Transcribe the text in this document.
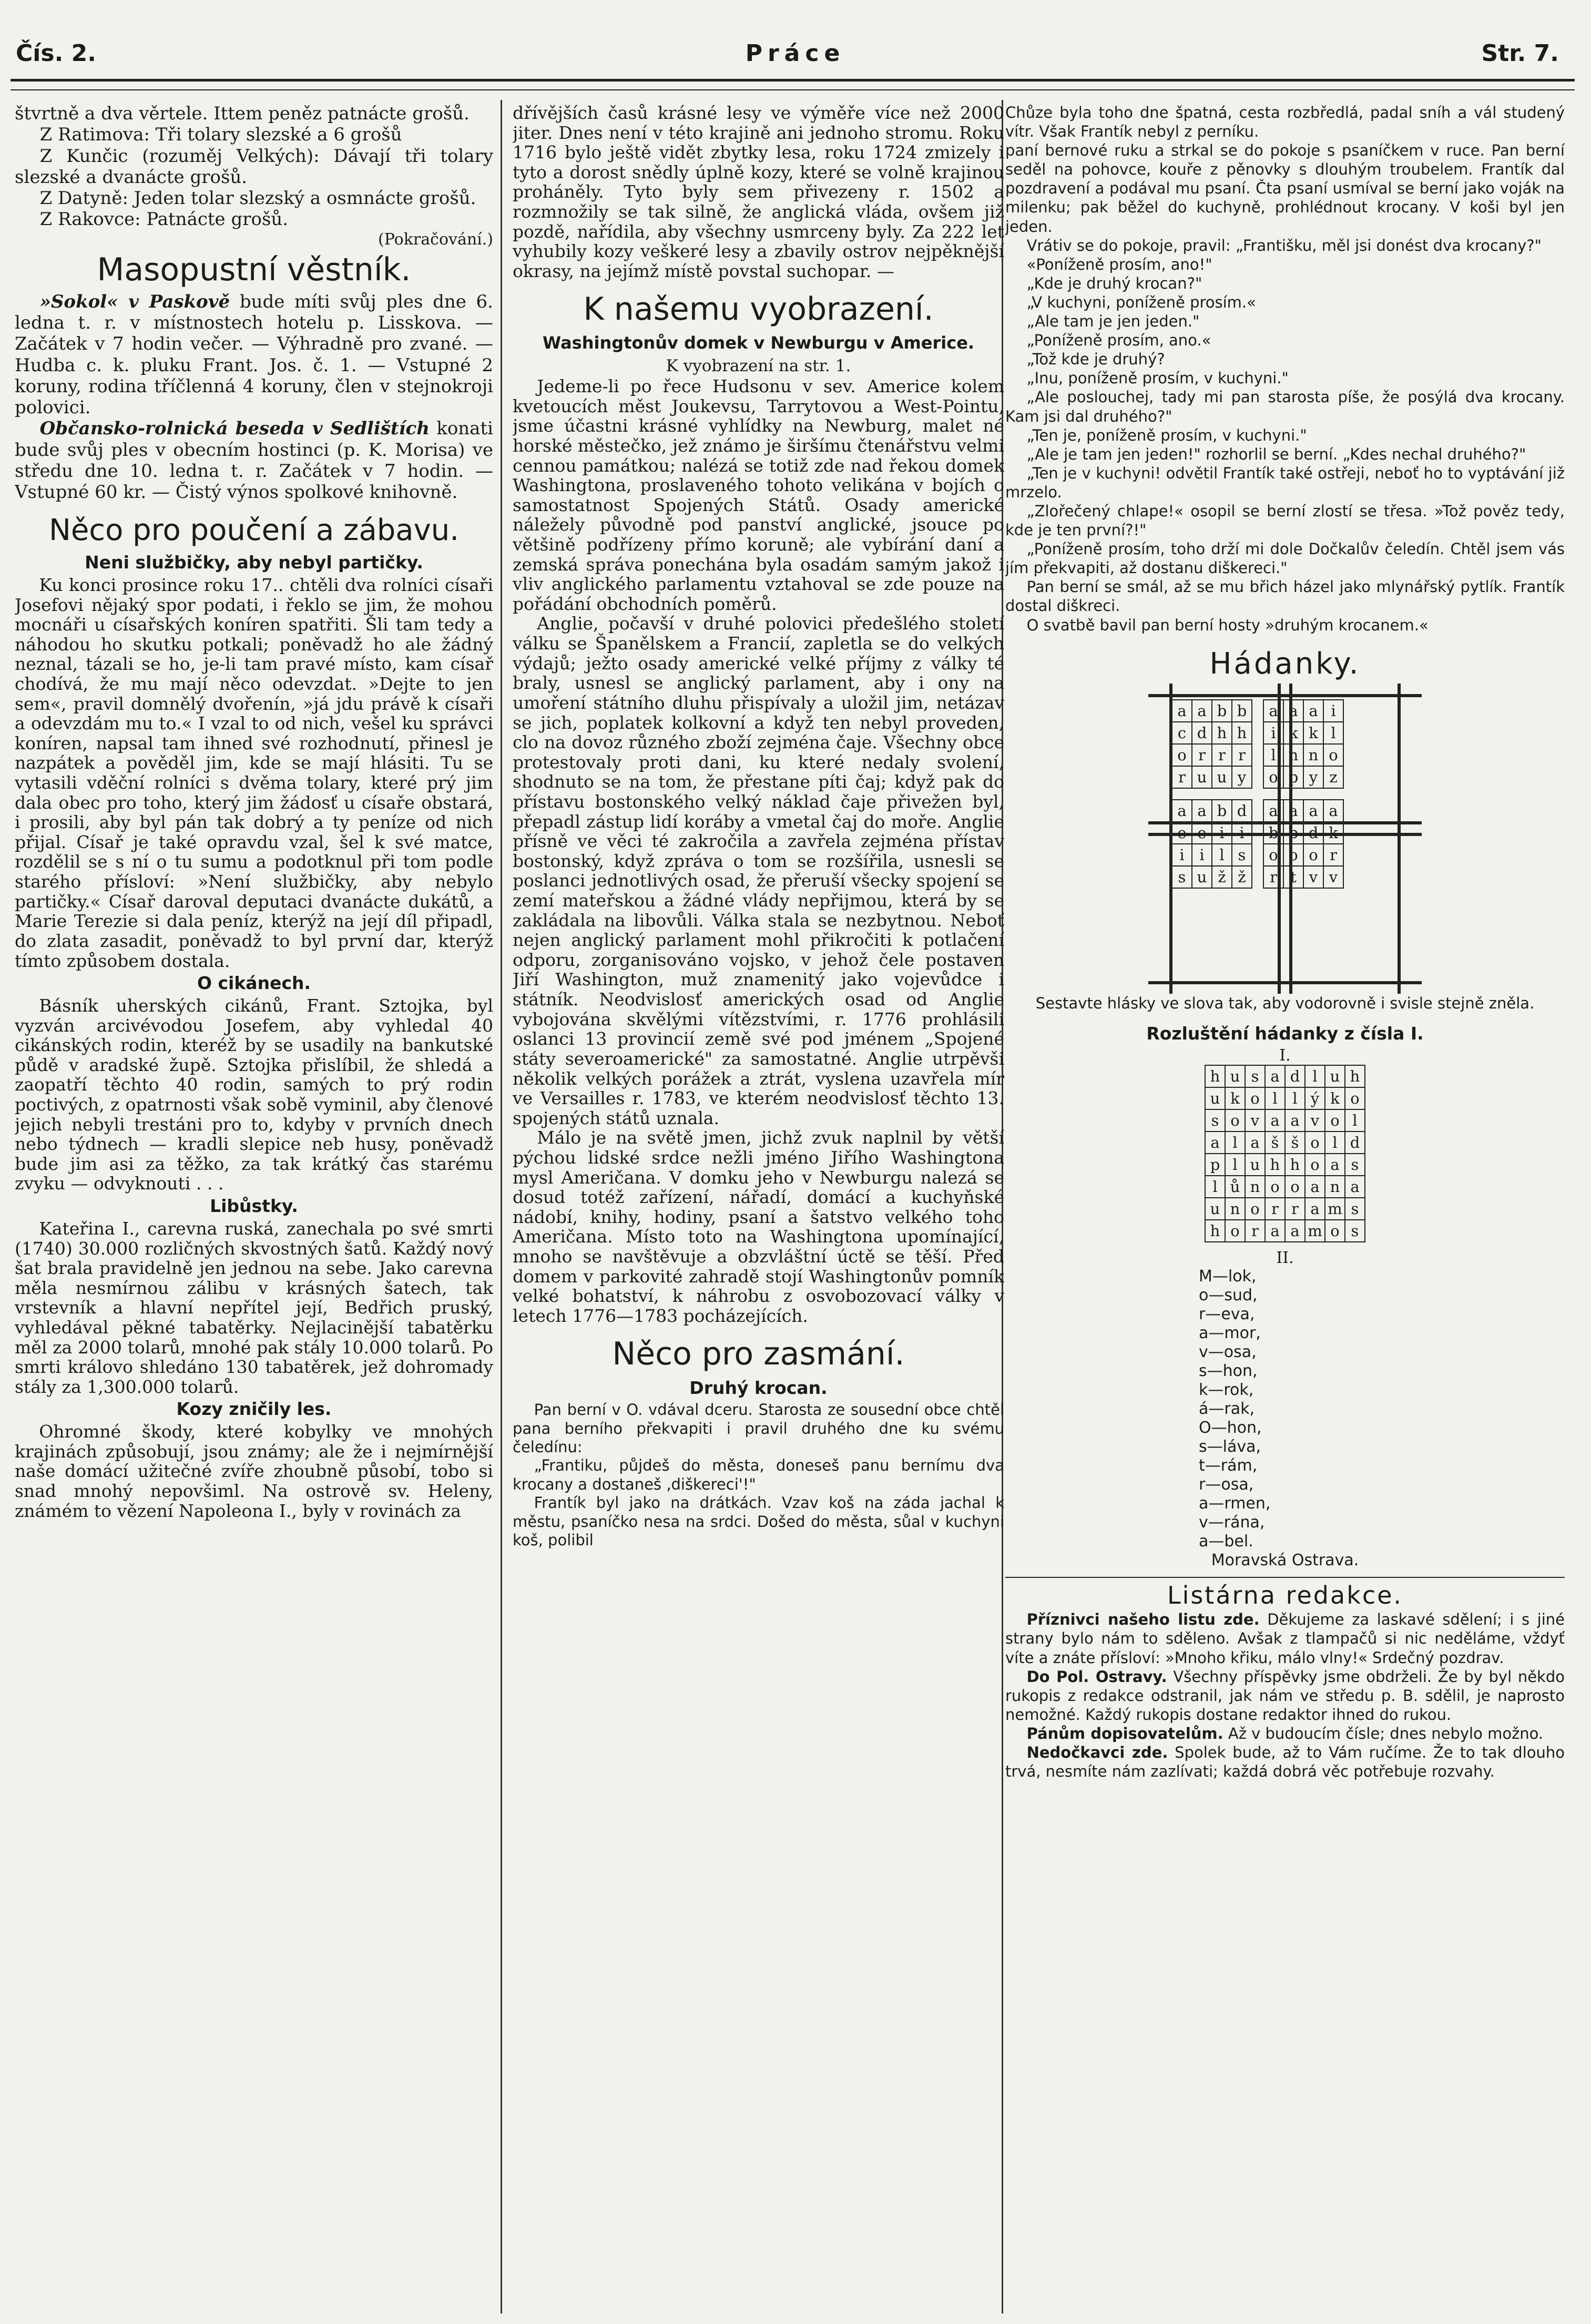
Čís. 2.	Práce	Str. 7.

štvrtně a dva věrtele. Ittem peněz patnácte grošů.

Z Ratimova: Tři tolary slezské a 6 grošů

Z Kunčic (rozuměj Velkých): Dávají tři tolary slezské a dvanácte grošů.

Z Datyně: Jeden tolar slezský a osmnácte grošů.

Z Rakovce: Patnácte grošů.

(Pokračování.)

Masopustní věstník.

»Sokol« v Paskově bude míti svůj ples dne 6. ledna t. r. v místnostech hotelu p. Lisskova. — Začátek v 7 hodin večer. — Výhradně pro zvané. — Hudba c. k. pluku Frant. Jos. č. 1. — Vstupné 2 koruny, rodina tříčlenná 4 koruny, člen v stejnokroji polovici.

Občansko-rolnická beseda v Sedlištích konati bude svůj ples v obecním hostinci (p. K. Morisa) ve středu dne 10. ledna t. r. Začátek v 7 hodin. — Vstupné 60 kr. — Čistý výnos spolkové knihovně.

Něco pro poučení a zábavu.

Neni službičky, aby nebyl partičky.

Ku konci prosince roku 17.. chtěli dva rolníci císaři Josefovi nějaký spor podati, i řeklo se jim, že mohou mocnáři u císařských koníren spatřiti. Šli tam tedy a náhodou ho skutku potkali; poněvadž ho ale žádný neznal, tázali se ho, je-li tam pravé místo, kam císař chodívá, že mu mají něco odevzdat. »Dejte to jen sem«, pravil domnělý dvořenín, »já jdu právě k císaři a odevzdám mu to.« I vzal to od nich, vešel ku správci koníren, napsal tam ihned své rozhodnutí, přinesl je nazpátek a pověděl jim, kde se mají hlásiti. Tu se vytasili vděční rolníci s dvěma tolary, které prý jim dala obec pro toho, který jim žádosť u císaře obstará, i prosili, aby byl pán tak dobrý a ty peníze od nich přijal. Císař je také opravdu vzal, šel k své matce, rozdělil se s ní o tu sumu a podotknul při tom podle starého přísloví: »Není službičky, aby nebylo partičky.« Císař daroval deputaci dvanácte dukátů, a Marie Terezie si dala peníz, kterýž na její díl připadl, do zlata zasadit, poněvadž to byl první dar, kterýž tímto způsobem dostala.

O cikánech.

Básník uherských cikánů, Frant. Sztojka, byl vyzván arcivévodou Josefem, aby vyhledal 40 cikánských rodin, kteréž by se usadily na bankutské půdě v aradské župě. Sztojka přislíbil, že shledá a zaopatří těchto 40 rodin, samých to prý rodin poctivých, z opatrnosti však sobě vyminil, aby členové jejich nebyli trestáni pro to, kdyby v prvních dnech nebo týdnech — kradli slepice neb husy, poněvadž bude jim asi za těžko, za tak krátký čas starému zvyku — odvyknouti . . .

Libůstky.

Kateřina I., carevna ruská, zanechala po své smrti (1740) 30.000 rozličných skvostných šatů. Každý nový šat brala pravidelně jen jednou na sebe. Jako carevna měla nesmírnou zálibu v krásných šatech, tak vrstevník a hlavní nepřítel její, Bedřich pruský, vyhledával pěkné tabatěrky. Nejlacinější tabatěrku měl za 2000 tolarů, mnohé pak stály 10.000 tolarů. Po smrti královo shledáno 130 tabatěrek, jež dohromady stály za 1,300.000 tolarů.

Kozy zničily les.

Ohromné škody, které kobylky ve mnohých krajinách způsobují, jsou známy; ale že i nejmírnější naše domácí užitečné zvíře zhoubně působí, tobo si snad mnohý nepovšiml. Na ostrově sv. Heleny, známém to vězení Napoleona I., byly v rovinách za

dřívějších časů krásné lesy ve výměře více než 2000 jiter. Dnes není v této krajině ani jednoho stromu. Roku 1716 bylo ještě vidět zbytky lesa, roku 1724 zmizely i tyto a dorost snědly úplně kozy, které se volně krajinou proháněly. Tyto byly sem přivezeny r. 1502 a rozmnožily se tak silně, že anglická vláda, ovšem již pozdě, nařídila, aby všechny usmrceny byly. Za 222 let vyhubily kozy veškeré lesy a zbavily ostrov nejpěknější okrasy, na jejímž místě povstal suchopar. —

K našemu vyobrazení.

Washingtonův domek v Newburgu v Americe.

K vyobrazení na str. 1.

Jedeme-li po řece Hudsonu v sev. Americe kolem kvetoucích měst Joukevsu, Tarrytovou a West-Pointu, jsme účastni krásné vyhlídky na Newburg, malet né horské městečko, jež známo je širšímu čtenářstvu velmi cennou památkou; nalézá se totiž zde nad řekou domek Washingtona, proslaveného tohoto velikána v bojích o samostatnost Spojených Států. Osady americké náležely původně pod panství anglické, jsouce po většině podřízeny přímo koruně; ale vybírání daní a zemská správa ponechána byla osadám samým jakož i vliv anglického parlamentu vztahoval se zde pouze na pořádání obchodních poměrů.

Anglie, počavší v druhé polovici předešlého století válku se Španělskem a Francií, zapletla se do velkých výdajů; ježto osady americké velké příjmy z války té braly, usnesl se anglický parlament, aby i ony na umoření státního dluhu přispívaly a uložil jim, netázav se jich, poplatek kolkovní a když ten nebyl proveden, clo na dovoz různého zboží zejména čaje. Všechny obce protestovaly proti dani, ku které nedaly svolení, shodnuto se na tom, že přestane píti čaj; když pak do přístavu bostonského velký náklad čaje přivežen byl, přepadl zástup lidí koráby a vmetal čaj do moře. Anglie přísně ve věci té zakročila a zavřela zejména přístav bostonský, když zpráva o tom se rozšířila, usnesli se poslanci jednotlivých osad, že přeruší všecky spojení se zemí mateřskou a žádné vlády nepřijmou, která by se zakládala na libovůli. Válka stala se nezbytnou. Neboť nejen anglický parlament mohl přikročiti k potlačení odporu, zorganisováno vojsko, v jehož čele postaven Jiří Washington, muž znamenitý jako vojevůdce i státník. Neodvislosť amerických osad od Anglie vybojována skvělými vítězstvími, r. 1776 prohlásili oslanci 13 provincií země své pod jménem „Spojené státy severoamerické" za samostatné. Anglie utrpěvši několik velkých porážek a ztrát, vyslena uzavřela mír ve Versailles r. 1783, ve kterém neodvislosť těchto 13. spojených států uznala.

Málo je na světě jmen, jichž zvuk naplnil by větší pýchou lidské srdce nežli jméno Jiřího Washingtona mysl Američana. V domku jeho v Newburgu nalezá se dosud totéž zařízení, nářadí, domácí a kuchyňské nádobí, knihy, hodiny, psaní a šatstvo velkého toho Američana. Místo toto na Washingtona upomínající, mnoho se navštěvuje a obzvláštní úctě se těší. Před domem v parkovité zahradě stojí Washingtonův pomník velké bohatství, k náhrobu z osvobozovací války v letech 1776—1783 pocházejících.

Něco pro zasmání.

Druhý krocan.

Pan berní v O. vdával dceru. Starosta ze sousední obce chtěl pana berního překvapiti i pravil druhého dne ku svému čeledínu:

„Frantiku, půjdeš do města, doneseš panu bernímu dva krocany a dostaneš ‚diškereci'!"

Frantík byl jako na drátkách. Vzav koš na záda jachal k městu, psaníčko nesa na srdci. Došed do města, sůal v kuchyni koš, polibil

Chůze byla toho dne špatná, cesta rozbředlá, padal sníh a vál studený vítr. Však Frantík nebyl z perníku.

paní bernové ruku a strkal se do pokoje s psaníčkem v ruce. Pan berní seděl na pohovce, kouře z pěnovky s dlouhým troubelem. Frantík dal pozdravení a podával mu psaní. Čta psaní usmíval se berní jako voják na milenku; pak běžel do kuchyně, prohlédnout krocany. V koši byl jen jeden.

Vrátiv se do pokoje, pravil: „Františku, měl jsi donést dva krocany?"

«Poníženě prosím, ano!"

„Kde je druhý krocan?"

„V kuchyni, poníženě prosím.«

„Ale tam je jen jeden."

„Poníženě prosím, ano.«

„Tož kde je druhý?

„Inu, poníženě prosím, v kuchyni."

„Ale poslouchej, tady mi pan starosta píše, že posýlá dva krocany. Kam jsi dal druhého?"

„Ten je, poníženě prosím, v kuchyni."

„Ale je tam jen jeden!" rozhorlil se berní. „Kdes nechal druhého?"

„Ten je v kuchyni! odvětil Frantík také ostřeji, neboť ho to vyptávání již mrzelo.

„Zlořečený chlape!« osopil se berní zlostí se třesa. »Tož pověz tedy, kde je ten první?!"

„Poníženě prosím, toho drží mi dole Dočkalův čeledín. Chtěl jsem vás jím překvapiti, až dostanu diškereci."

Pan berní se smál, až se mu břich házel jako mlynářský pytlík. Frantík dostal diškreci.

O svatbě bavil pan berní hosty »druhým krocanem.«

Hádanky.

a	a	b	b		a	a	a	i
c	d	h	h		i	k	k	l
o	r	r	r		l	n	n	o
r	u	u	y		o	p	y	z

a	a	b	d		a	a	a	a
e	e	i	i		b	b	d	k
i	i	l	s		o	o	o	r
s	u	ž	ž		r	t	v	v

Sestavte hlásky ve slova tak, aby vodorovně i svisle stejně zněla.

Rozluštění hádanky z čísla I.

I.

h	u	s	a	d	l	u	h
u	k	o	l	l	ý	k	o
s	o	v	a	a	v	o	l
a	l	a	š	š	o	l	d
p	l	u	h	h	o	a	s
l	ů	n	o	o	a	n	a
u	n	o	r	r	a	m	s
h	o	r	a	a	m	o	s

II.

M—lok,

o—sud,

r—eva,

a—mor,

v—osa,

s—hon,

k—rok,

á—rak,

O—hon,

s—láva,

t—rám,

r—osa,

a—rmen,

v—rána,

a—bel.

Moravská Ostrava.

Listárna redakce.

Příznivci našeho listu zde. Děkujeme za laskavé sdělení; i s jiné strany bylo nám to sděleno. Avšak z tlampačů si nic neděláme, vždyť víte a znáte přísloví: »Mnoho křiku, málo vlny!« Srdečný pozdrav.

Do Pol. Ostravy. Všechny příspěvky jsme obdrželi. Že by byl někdo rukopis z redakce odstranil, jak nám ve středu p. B. sdělil, je naprosto nemožné. Každý rukopis dostane redaktor ihned do rukou.

Pánům dopisovatelům. Až v budoucím čísle; dnes nebylo možno.

Nedočkavci zde. Spolek bude, až to Vám ručíme. Že to tak dlouho trvá, nesmíte nám zazlívati; každá dobrá věc potřebuje rozvahy.
